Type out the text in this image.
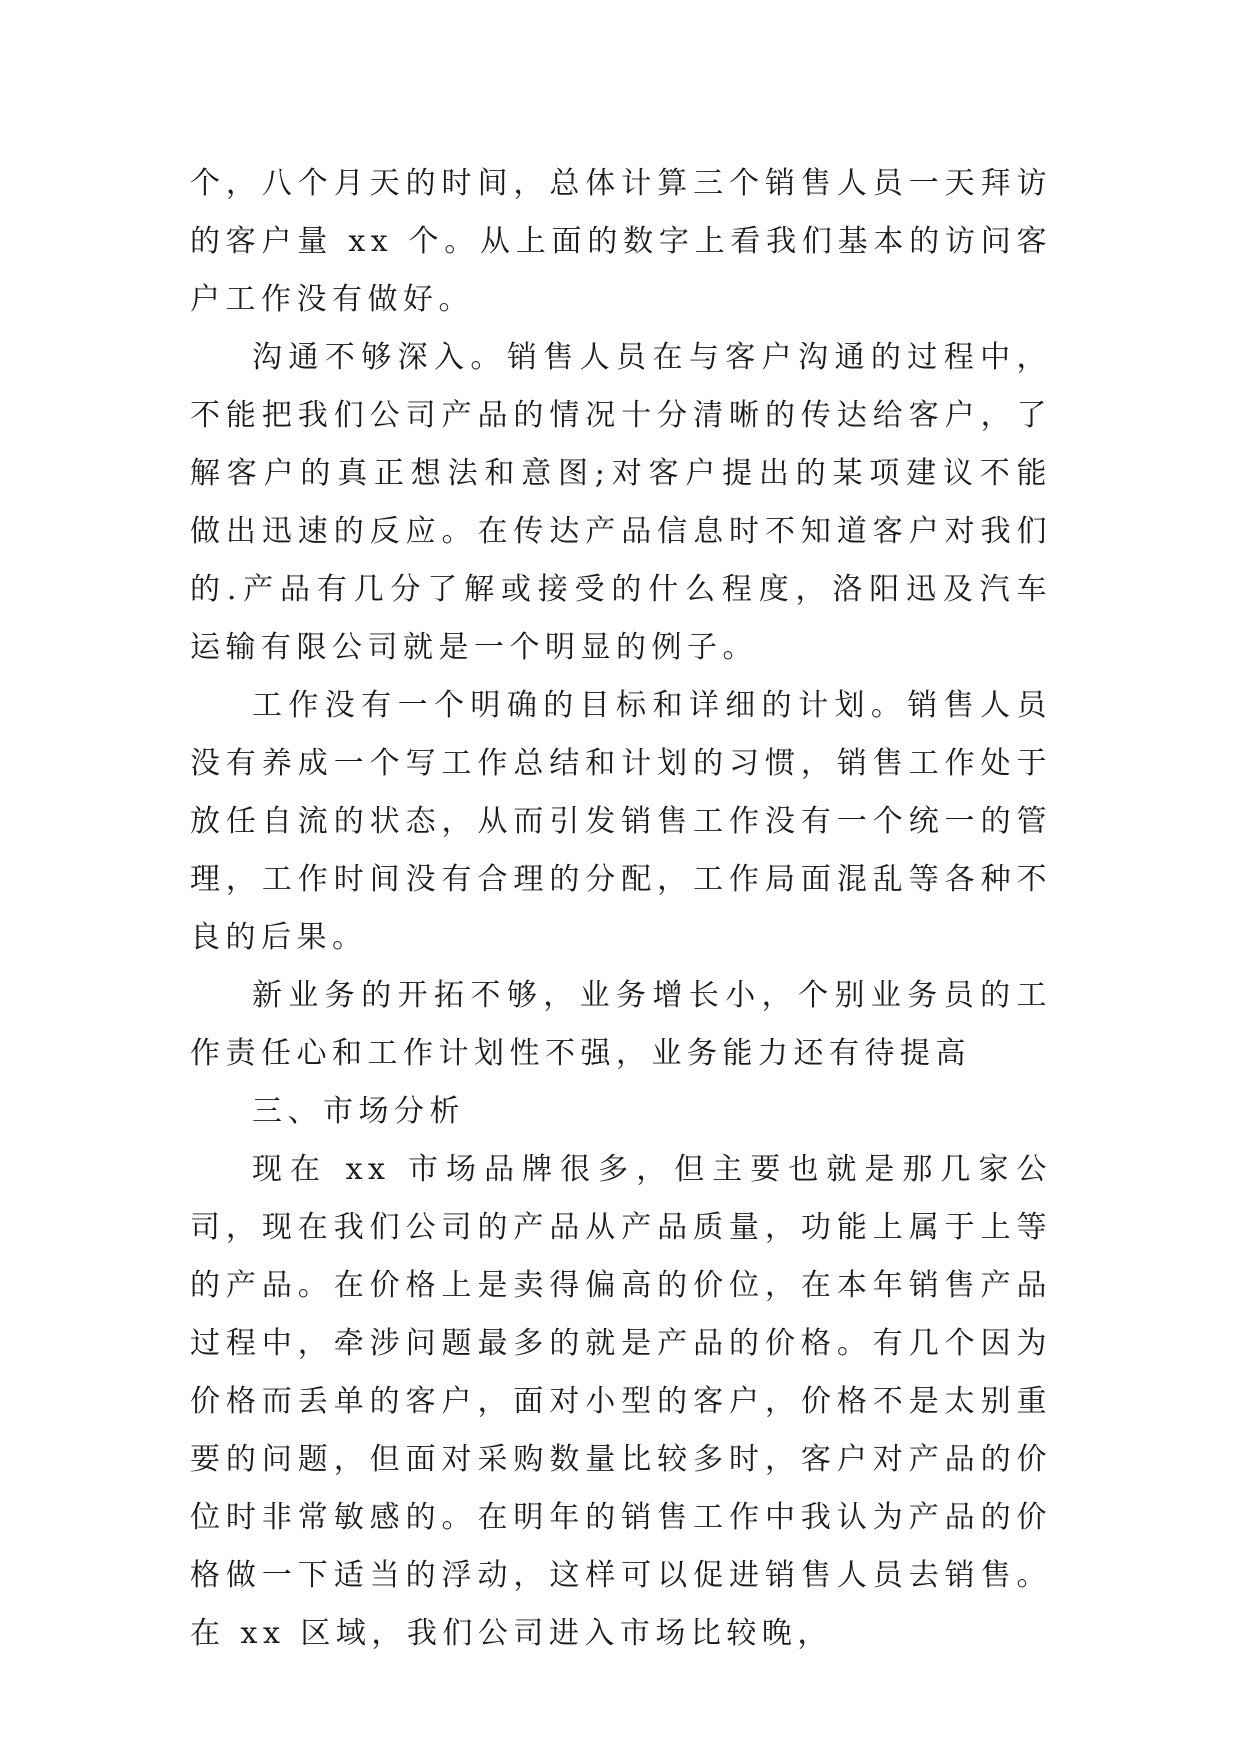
个，八个月天的时间，总体计算三个销售人员一天拜访的客户量 xx 个。从上面的数字上看我们基本的访问客户工作没有做好。

沟通不够深入。销售人员在与客户沟通的过程中，不能把我们公司产品的情况十分清晰的传达给客户，了解客户的真正想法和意图;对客户提出的某项建议不能做出迅速的反应。在传达产品信息时不知道客户对我们的.产品有几分了解或接受的什么程度，洛阳迅及汽车运输有限公司就是一个明显的例子。

工作没有一个明确的目标和详细的计划。销售人员没有养成一个写工作总结和计划的习惯，销售工作处于放任自流的状态，从而引发销售工作没有一个统一的管理，工作时间没有合理的分配，工作局面混乱等各种不良的后果。

新业务的开拓不够，业务增长小，个别业务员的工作责任心和工作计划性不强，业务能力还有待提高

三、市场分析

现在 xx 市场品牌很多，但主要也就是那几家公司，现在我们公司的产品从产品质量，功能上属于上等的产品。在价格上是卖得偏高的价位，在本年销售产品过程中，牵涉问题最多的就是产品的价格。有几个因为价格而丢单的客户，面对小型的客户，价格不是太别重要的问题，但面对采购数量比较多时，客户对产品的价位时非常敏感的。在明年的销售工作中我认为产品的价格做一下适当的浮动，这样可以促进销售人员去销售。在 xx 区域，我们公司进入市场比较晚，
